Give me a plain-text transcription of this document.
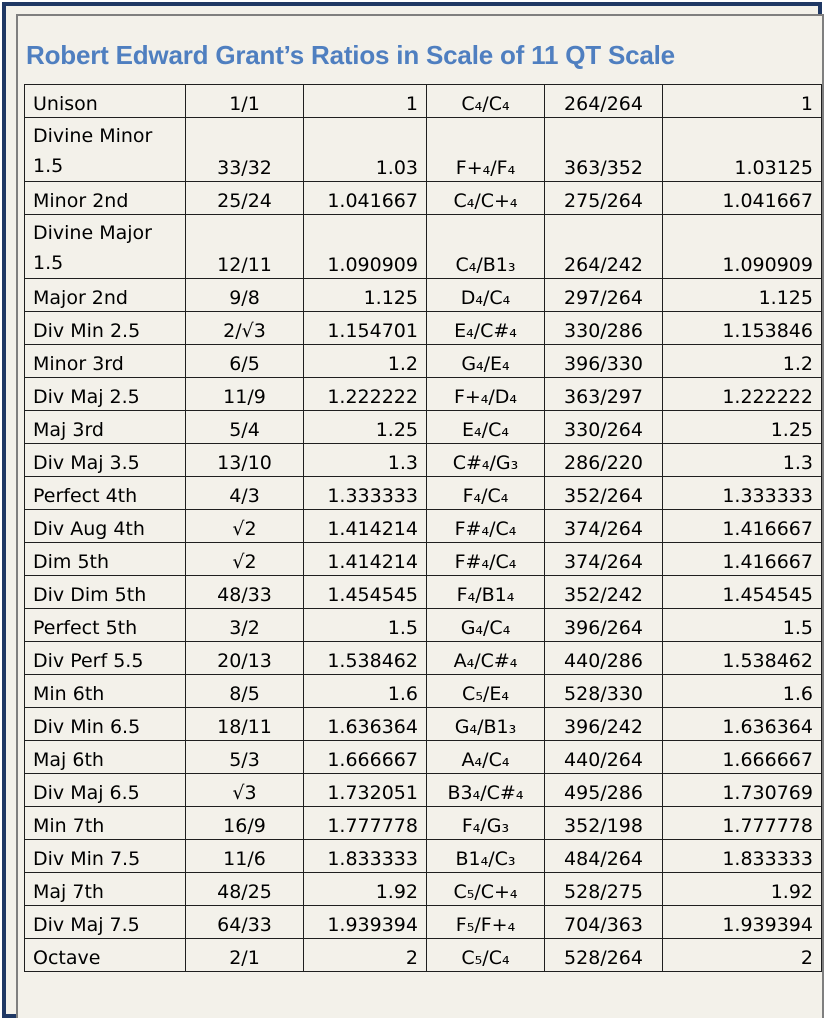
Robert Edward Grant’s Ratios in Scale of 11 QT Scale
Unison	1/1	1	C₄/C₄	264/264	1
Divine Minor 1.5	33/32	1.03	F+₄/F₄	363/352	1.03125
Minor 2nd	25/24	1.041667	C₄/C+₄	275/264	1.041667
Divine Major 1.5	12/11	1.090909	C₄/B1₃	264/242	1.090909
Major 2nd	9/8	1.125	D₄/C₄	297/264	1.125
Div Min 2.5	2/√3	1.154701	E₄/C#₄	330/286	1.153846
Minor 3rd	6/5	1.2	G₄/E₄	396/330	1.2
Div Maj 2.5	11/9	1.222222	F+₄/D₄	363/297	1.222222
Maj 3rd	5/4	1.25	E₄/C₄	330/264	1.25
Div Maj 3.5	13/10	1.3	C#₄/G₃	286/220	1.3
Perfect 4th	4/3	1.333333	F₄/C₄	352/264	1.333333
Div Aug 4th	√2	1.414214	F#₄/C₄	374/264	1.416667
Dim 5th	√2	1.414214	F#₄/C₄	374/264	1.416667
Div Dim 5th	48/33	1.454545	F₄/B1₄	352/242	1.454545
Perfect 5th	3/2	1.5	G₄/C₄	396/264	1.5
Div Perf 5.5	20/13	1.538462	A₄/C#₄	440/286	1.538462
Min 6th	8/5	1.6	C₅/E₄	528/330	1.6
Div Min 6.5	18/11	1.636364	G₄/B1₃	396/242	1.636364
Maj 6th	5/3	1.666667	A₄/C₄	440/264	1.666667
Div Maj 6.5	√3	1.732051	B3₄/C#₄	495/286	1.730769
Min 7th	16/9	1.777778	F₄/G₃	352/198	1.777778
Div Min 7.5	11/6	1.833333	B1₄/C₃	484/264	1.833333
Maj 7th	48/25	1.92	C₅/C+₄	528/275	1.92
Div Maj 7.5	64/33	1.939394	F₅/F+₄	704/363	1.939394
Octave	2/1	2	C₅/C₄	528/264	2
